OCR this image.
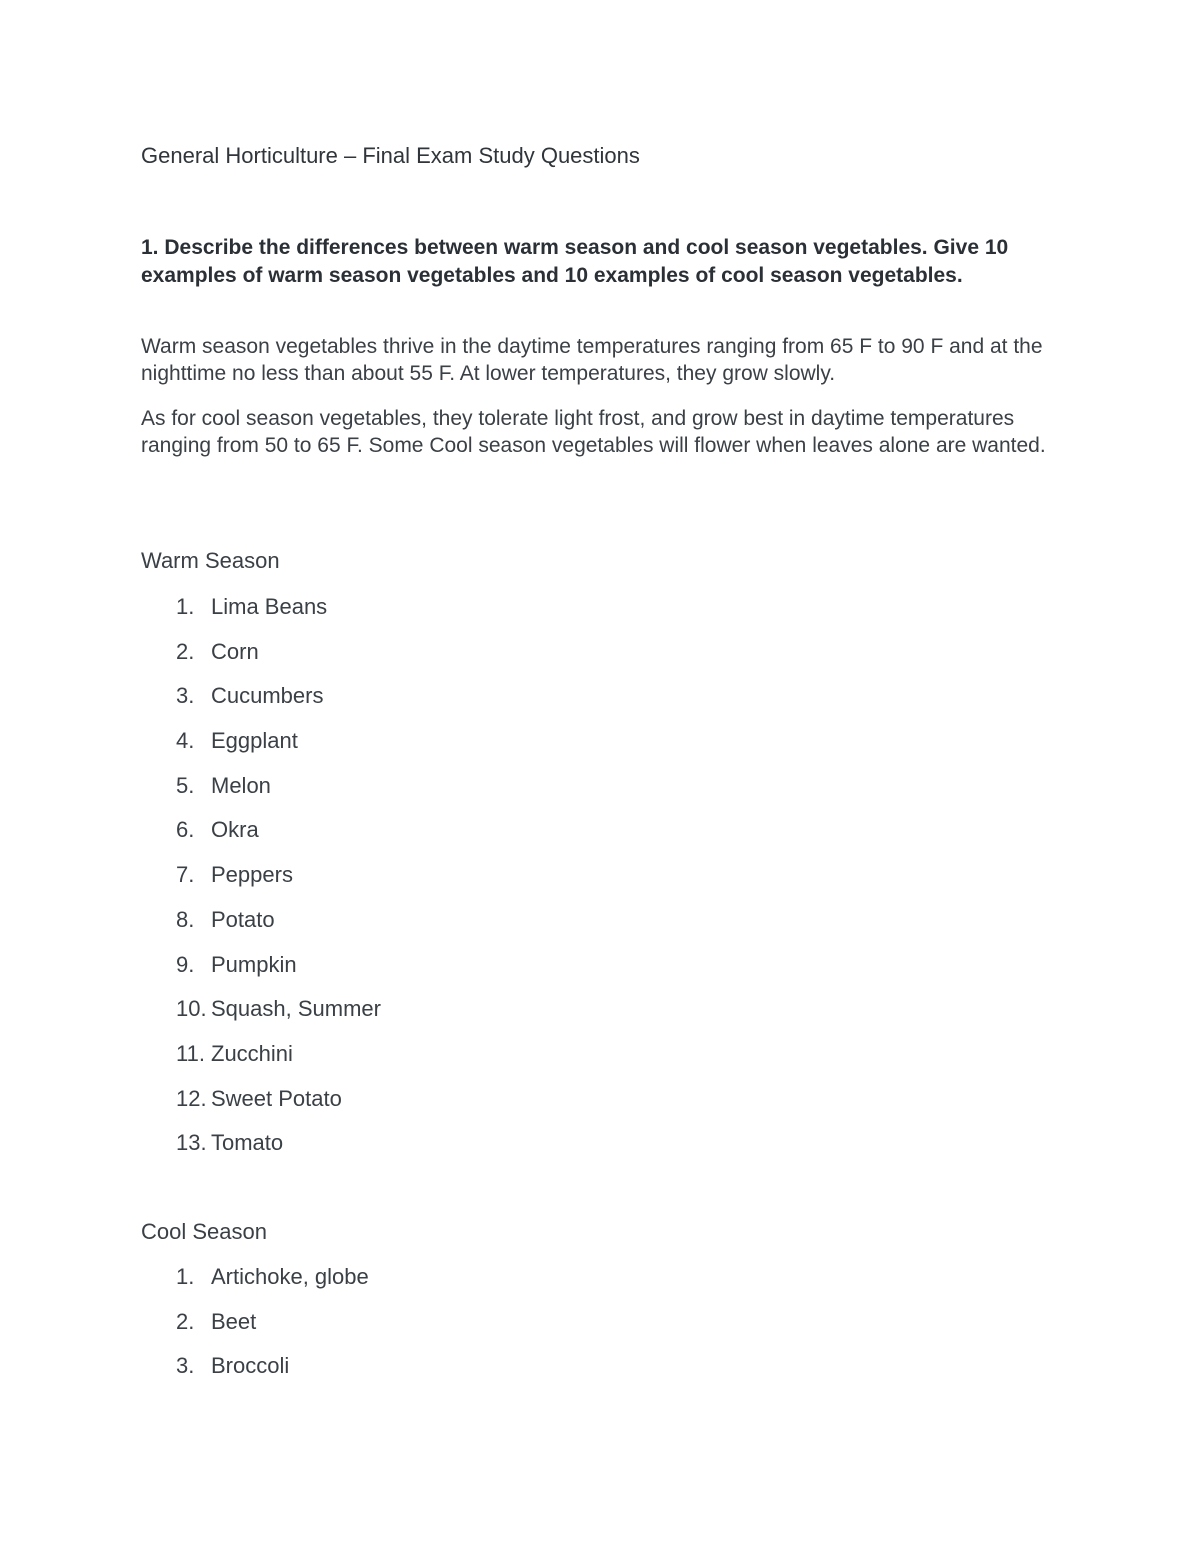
General Horticulture – Final Exam Study Questions
1. Describe the differences between warm season and cool season vegetables. Give 10 examples of warm season vegetables and 10 examples of cool season vegetables.

Warm season vegetables thrive in the daytime temperatures ranging from 65 F to 90 F and at the nighttime no less than about 55 F. At lower temperatures, they grow slowly.

As for cool season vegetables, they tolerate light frost, and grow best in daytime temperatures ranging from 50 to 65 F. Some Cool season vegetables will flower when leaves alone are wanted.

Warm Season
1. Lima Beans
2. Corn
3. Cucumbers
4. Eggplant
5. Melon
6. Okra
7. Peppers
8. Potato
9. Pumpkin
10. Squash, Summer
11. Zucchini
12. Sweet Potato
13. Tomato
Cool Season
1. Artichoke, globe
2. Beet
3. Broccoli
